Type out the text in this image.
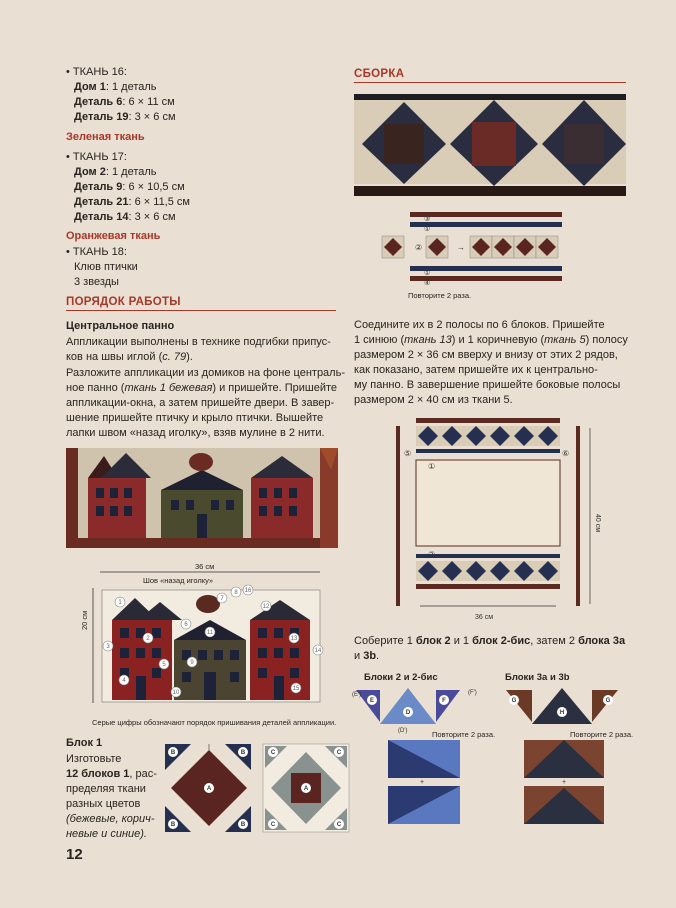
• ТКАНЬ 16:
Дом 1: 1 деталь
Деталь 6: 6 × 11 см
Деталь 19: 3 × 6 см
Зеленая ткань
• ТКАНЬ 17:
Дом 2: 1 деталь
Деталь 9: 6 × 10,5 см
Деталь 21: 6 × 11,5 см
Деталь 14: 3 × 6 см
Оранжевая ткань
• ТКАНЬ 18:
Клюв птички
3 звезды
ПОРЯДОК РАБОТЫ
Центральное панно
Аппликации выполнены в технике подгибки припус-
ков на швы иглой (с. 79).
Разложите аппликации из домиков на фоне централь-
ное панно (ткань 1 бежевая) и пришейте. Пришейте
аппликации-окна, а затем пришейте двери. В завер-
шение пришейте птичку и крыло птички. Вышейте
лапки швом «назад иголку», взяв мулине в 2 нити.
36 см
Шов «назад иголку»
20 см
1
2
3
4
5
6
7
8
9
10
11
12
13
14
15
16
Серые цифры обозначают порядок пришивания деталей аппликации.
Блок 1
Изготовьте
12 блоков 1, рас-
пределяя ткани
разных цветов
(бежевые, корич-
невые и синие).
B	B
B	B
A
C	C
C	C
A
12
СБОРКА
②	→
③
①
①
④
Повторите 2 раза.
Соедините их в 2 полосы по 6 блоков. Пришейте
1 синюю (ткань 13) и 1 коричневую (ткань 5) полосу
размером 2 × 36 см вверху и внизу от этих 2 рядов,
как показано, затем пришейте их к центрально-
му панно. В завершение пришейте боковые полосы
размером 2 × 40 см из ткани 5.
⑤
①
②
⑥
36 см
40 см
Соберите 1 блок 2 и 1 блок 2-бис, затем 2 блока 3a
и 3b.
Блоки 2 и 2-бис	Блоки 3a и 3b
E
D
F
(E')	(F')
(D')
+
Повторите 2 раза.
G
H
G
+
Повторите 2 раза.
